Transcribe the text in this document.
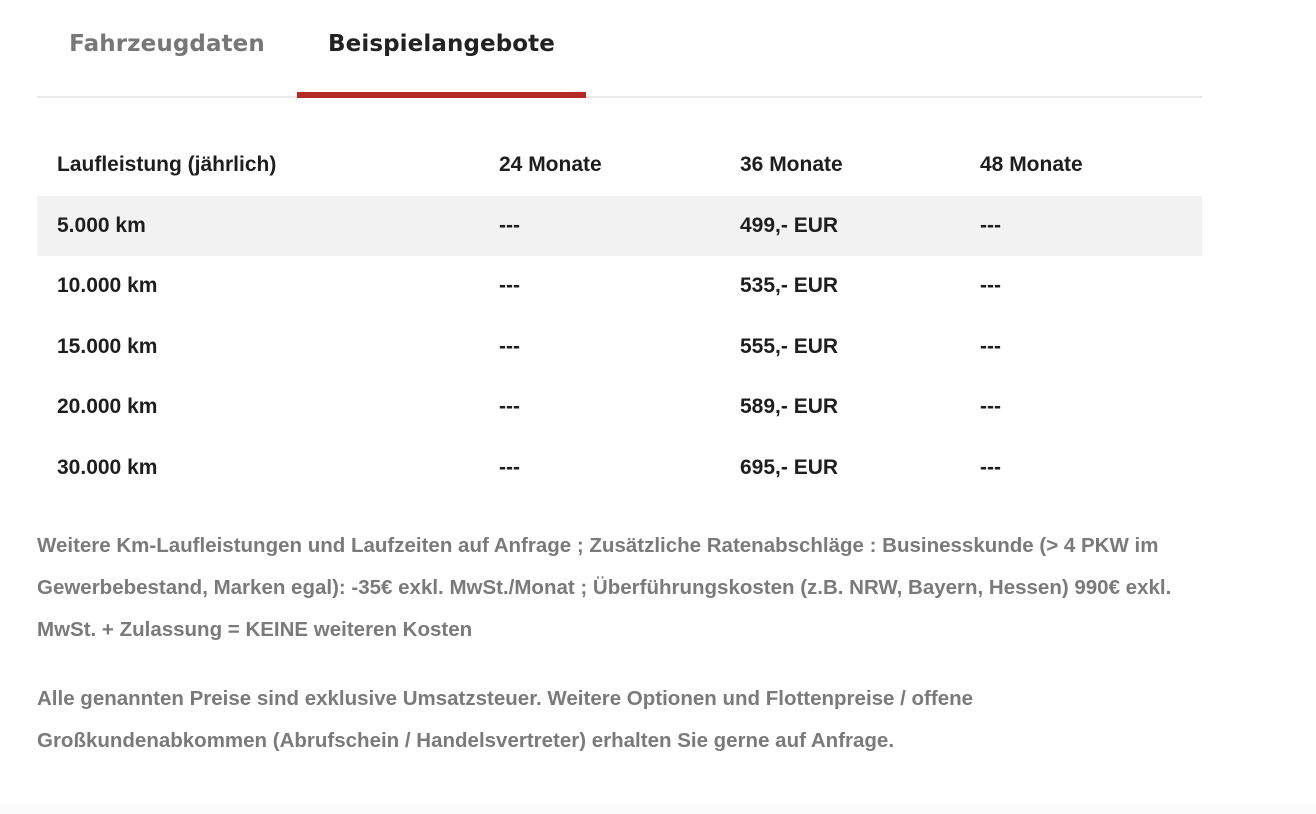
Fahrzeugdaten	Beispielangebote
Laufleistung (jährlich)	24 Monate	36 Monate	48 Monate
5.000 km	---	499,- EUR	---
10.000 km	---	535,- EUR	---
15.000 km	---	555,- EUR	---
20.000 km	---	589,- EUR	---
30.000 km	---	695,- EUR	---

Weitere Km-Laufleistungen und Laufzeiten auf Anfrage ; Zusätzliche Ratenabschläge : Businesskunde (> 4 PKW im Gewerbebestand, Marken egal): -35€ exkl. MwSt./Monat ; Überführungskosten (z.B. NRW, Bayern, Hessen) 990€ exkl. MwSt. + Zulassung = KEINE weiteren Kosten

Alle genannten Preise sind exklusive Umsatzsteuer. Weitere Optionen und Flottenpreise / offene Großkundenabkommen (Abrufschein / Handelsvertreter) erhalten Sie gerne auf Anfrage.
